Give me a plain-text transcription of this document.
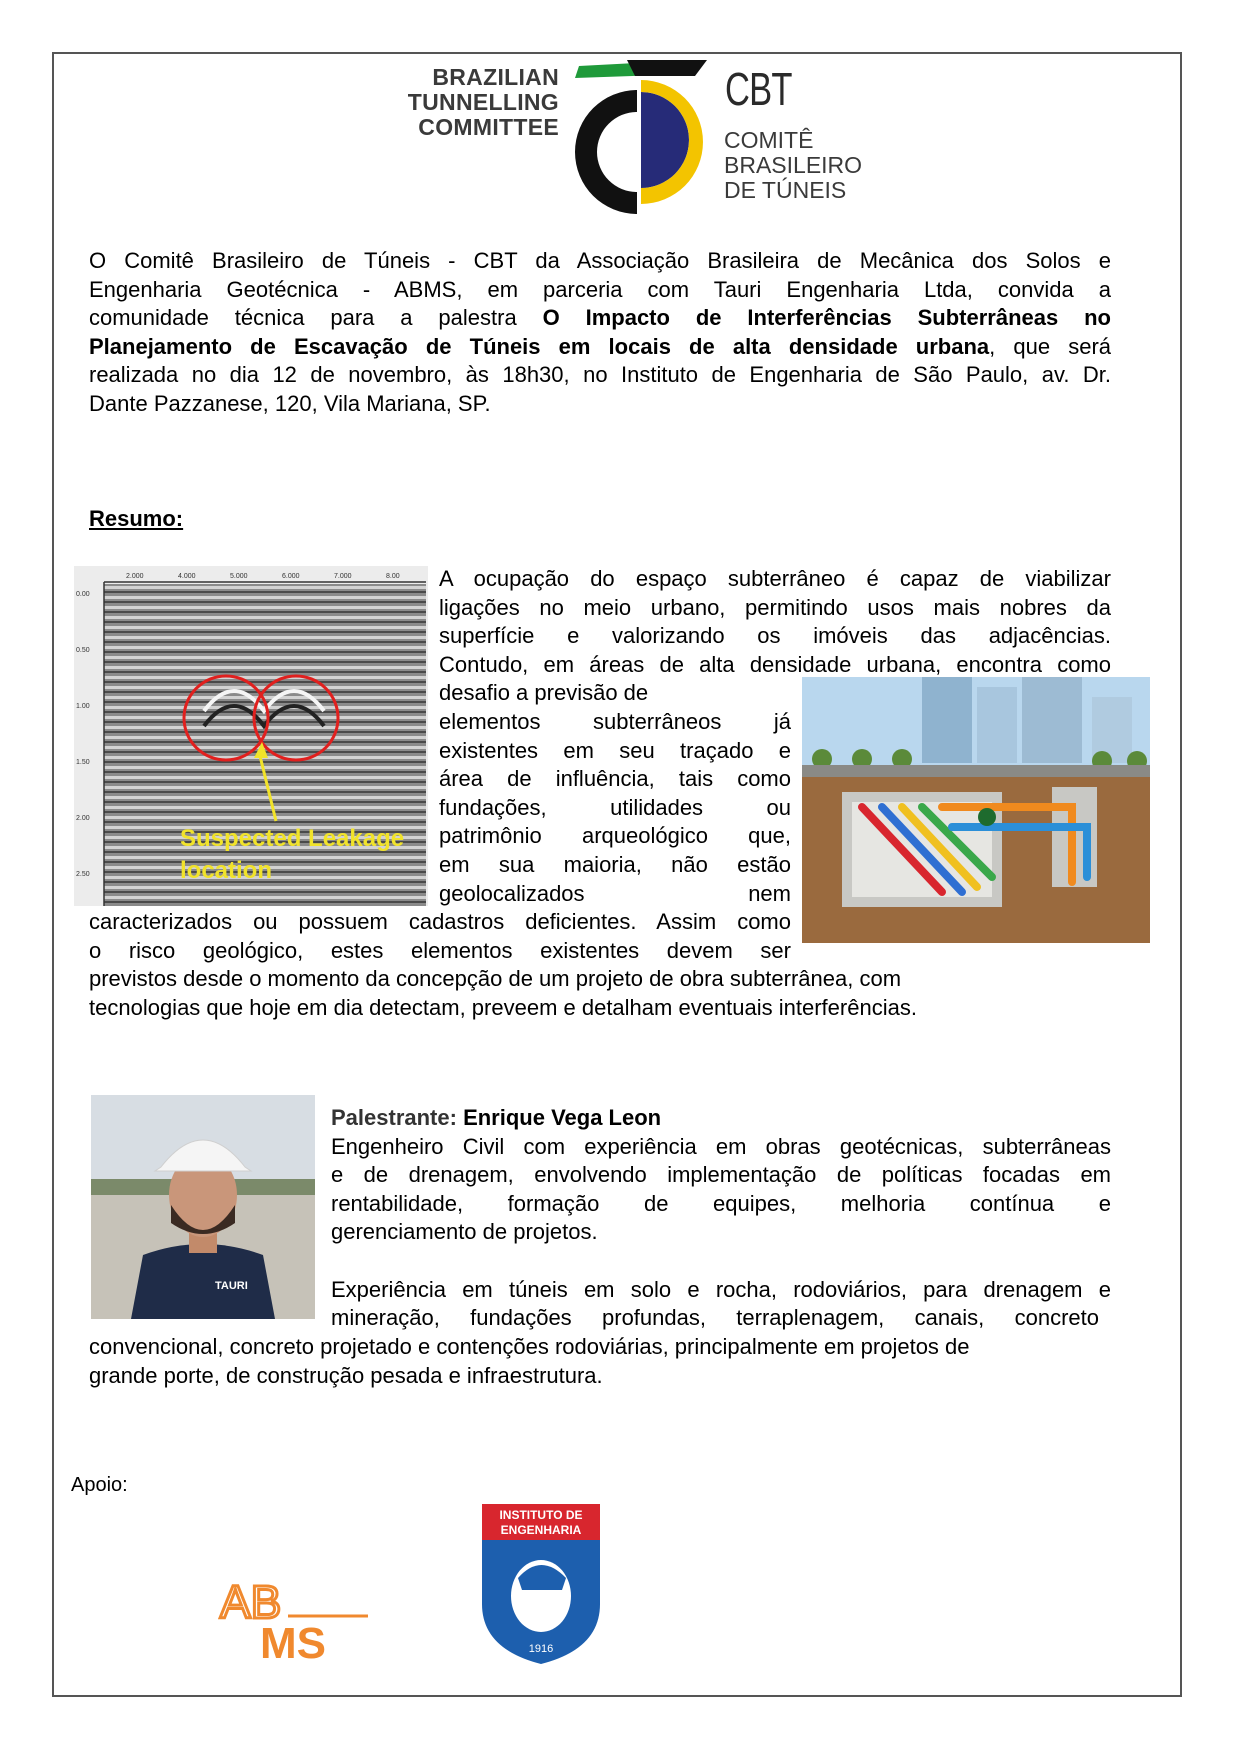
BRAZILIAN
TUNNELLING
COMMITTEE
CBT
COMITÊ
BRASILEIRO
DE TÚNEIS
O Comitê Brasileiro de Túneis - CBT da Associação Brasileira de Mecânica dos Solos e
Engenharia Geotécnica - ABMS, em parceria com Tauri Engenharia Ltda, convida a
comunidade técnica para a palestra O Impacto de Interferências Subterrâneas no
Planejamento de Escavação de Túneis em locais de alta densidade urbana, que será
realizada no dia 12 de novembro, às 18h30, no Instituto de Engenharia de São Paulo, av. Dr.
Dante Pazzanese, 120, Vila Mariana, SP.
Resumo:
2.000	4.000	5.000	6.000	7.000	8.00
0.00
0.50
1.00
1.50
2.00
2.50
Suspected Leakage
location
A ocupação do espaço subterrâneo é capaz de viabilizar
ligações no meio urbano, permitindo usos mais nobres da
superfície e valorizando os imóveis das adjacências.
Contudo, em áreas de alta densidade urbana, encontra como
desafio a previsão de
elementos subterrâneos já
existentes em seu traçado e
área de influência, tais como
fundações, utilidades ou
patrimônio arqueológico que,
em sua maioria, não estão
geolocalizados nem
caracterizados ou possuem cadastros deficientes. Assim como
o risco geológico, estes elementos existentes devem ser
previstos desde o momento da concepção de um projeto de obra subterrânea, com
tecnologias que hoje em dia detectam, preveem e detalham eventuais interferências.
TAURI
Palestrante: Enrique Vega Leon
Engenheiro Civil com experiência em obras geotécnicas, subterrâneas
e de drenagem, envolvendo implementação de políticas focadas em
rentabilidade, formação de equipes, melhoria contínua e
gerenciamento de projetos.
Experiência em túneis em solo e rocha, rodoviários, para drenagem e
mineração, fundações profundas, terraplenagem, canais, concreto
convencional, concreto projetado e contenções rodoviárias, principalmente em projetos de
grande porte, de construção pesada e infraestrutura.
Apoio:
AB
MS
INSTITUTO DE
ENGENHARIA
1916
